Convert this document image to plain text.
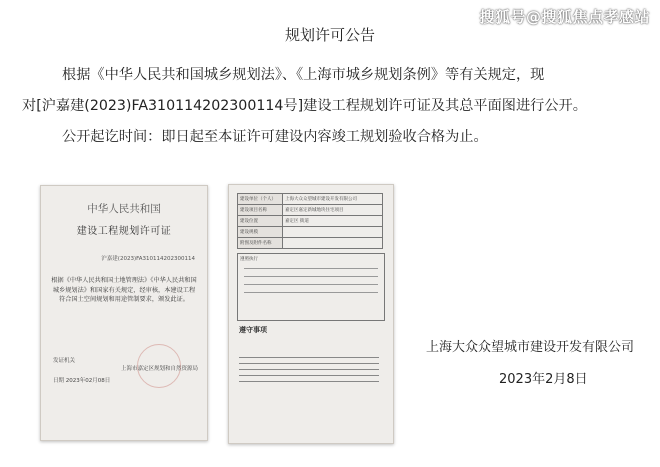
搜狐号@搜狐焦点孝感站
规划许可公告
根据《中华人民共和国城乡规划法》、《上海市城乡规划条例》等有关规定，现
对[沪嘉建(2023)FA310114202300114号]建设工程规划许可证及其总平面图进行公开。
公开起讫时间：即日起至本证许可建设内容竣工规划验收合格为止。
中华人民共和国
建设工程规划许可证
沪嘉建(2023)FA310114202300114
根据《中华人民共和国土地管理法》《中华人民共和国城乡规划法》和国家有关规定，经审核，本建设工程符合国土空间规划和用途管制要求，颁发此证。
发证机关
上海市嘉定区规划和自然资源局
日期 2023年02月08日
建设单位（个人）	上海大众众望城市建设开发有限公司
建设项目名称	嘉定区嘉定新城地块住宅项目
建设位置	嘉定区 街道
建设规模	
附图及附件名称	
遵照执行
遵守事项
上海大众众望城市建设开发有限公司
2023年2月8日
